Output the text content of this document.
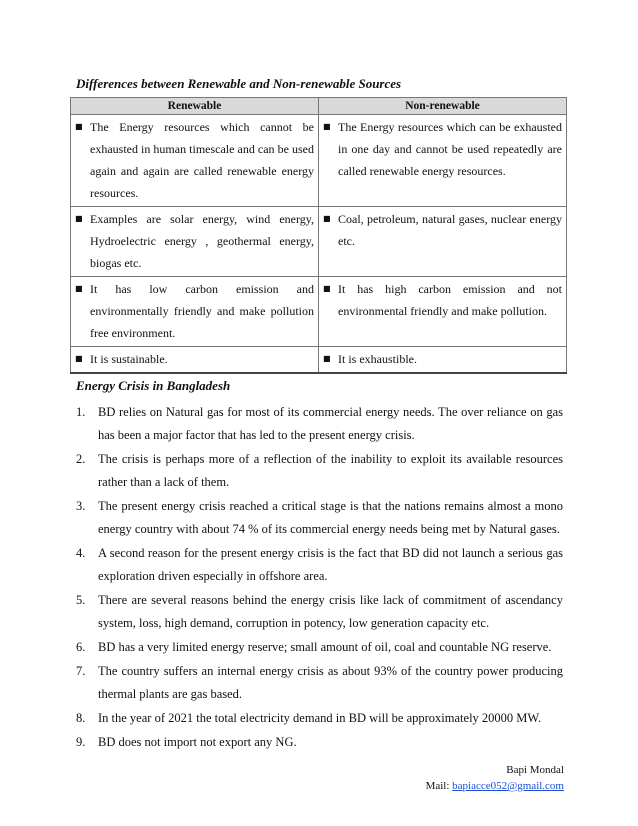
Differences between Renewable and Non-renewable Sources
Renewable	Non-renewable

■ The Energy resources which cannot be exhausted in human timescale and can be used again and again are called renewable energy resources.	■ The Energy resources which can be exhausted in one day and cannot be used repeatedly are called renewable energy resources.

■ Examples are solar energy, wind energy, Hydroelectric energy , geothermal energy, biogas etc.	■ Coal, petroleum, natural gases, nuclear energy etc.

■ It has low carbon emission and environmentally friendly and make pollution free environment.	■ It has high carbon emission and not environmental friendly and make pollution.

■ It is sustainable.	■ It is exhaustible.
Energy Crisis in Bangladesh
1.	BD relies on Natural gas for most of its commercial energy needs. The over reliance on gas has been a major factor that has led to the present energy crisis.
2.	The crisis is perhaps more of a reflection of the inability to exploit its available resources rather than a lack of them.
3.	The present energy crisis reached a critical stage is that the nations remains almost a mono energy country with about 74 % of its commercial energy needs being met by Natural gases.
4.	A second reason for the present energy crisis is the fact that BD did not launch a serious gas exploration driven especially in offshore area.
5.	There are several reasons behind the energy crisis like lack of commitment of ascendancy system, loss, high demand, corruption in potency, low generation capacity etc.
6.	BD has a very limited energy reserve; small amount of oil, coal and countable NG reserve.
7.	The country suffers an internal energy crisis as about 93% of the country power producing thermal plants are gas based.
8.	In the year of 2021 the total electricity demand in BD will be approximately 20000 MW.
9.	BD does not import not export any NG.
Bapi Mondal
Mail: bapiacce052@gmail.com
